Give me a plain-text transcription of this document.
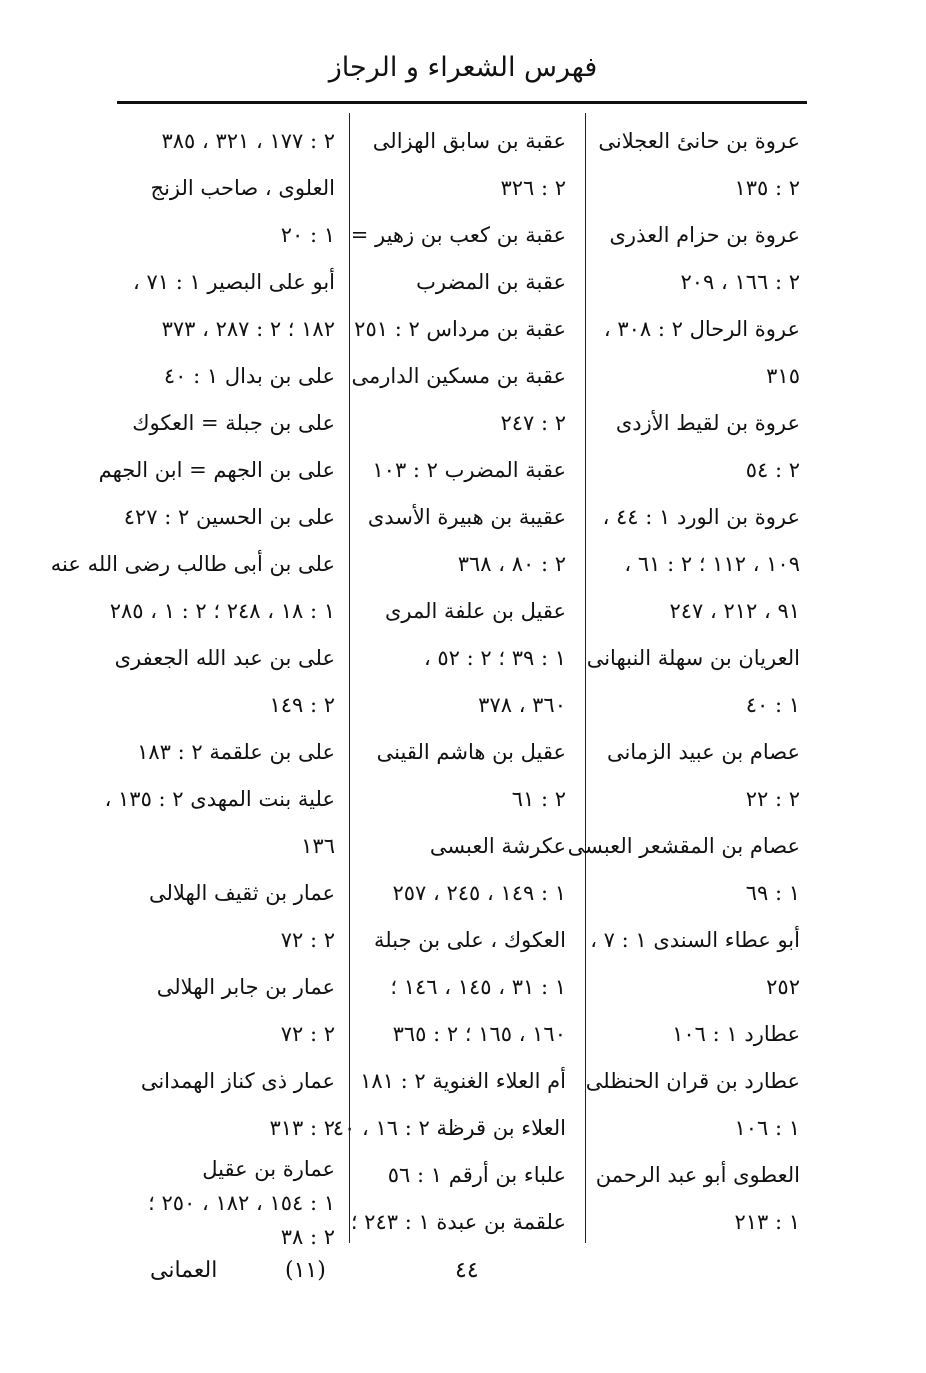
فهرس الشعراء و الرجاز
عروة بن حانئ العجلانى
٢ : ١٣٥
عروة بن حزام العذرى
٢ : ١٦٦ ، ٢٠٩
عروة الرحال ٢ : ٣٠٨ ،
٣١٥
عروة بن لقيط الأزدى
٢ : ٥٤
عروة بن الورد ١ : ٤٤ ،
١٠٩ ، ١١٢ ؛ ٢ : ٦١ ،
٩١ ، ٢١٢ ، ٢٤٧
العريان بن سهلة النبهانى
١ : ٤٠
عصام بن عبيد الزمانى
٢ : ٢٢
عصام بن المقشعر العبسى
١ : ٦٩
أبو عطاء السندى ١ : ٧ ،
٢٥٢
عطارد ١ : ١٠٦
عطارد بن قران الحنظلى
١ : ١٠٦
العطوى أبو عبد الرحمن
١ : ٢١٣
عقبة بن سابق الهزالى
٢ : ٣٢٦
عقبة بن كعب بن زهير =
عقبة بن المضرب
عقبة بن مرداس ٢ : ٢٥١
عقبة بن مسكين الدارمى
٢ : ٢٤٧
عقبة المضرب ٢ : ١٠٣
عقيبة بن هبيرة الأسدى
٢ : ٨٠ ، ٣٦٨
عقيل بن علفة المرى
١ : ٣٩ ؛ ٢ : ٥٢ ،
٣٦٠ ، ٣٧٨
عقيل بن هاشم القينى
٢ : ٦١
عكرشة العبسى
١ : ١٤٩ ، ٢٤٥ ، ٢٥٧
العكوك ، على بن جبلة
١ : ٣١ ، ١٤٥ ، ١٤٦ ؛
١٦٠ ، ١٦٥ ؛ ٢ : ٣٦٥
أم العلاء الغنوية ٢ : ١٨١
العلاء بن قرظة ٢ : ١٦ ، ٤٠
علباء بن أرقم ١ : ٥٦
علقمة بن عبدة ١ : ٢٤٣ ؛
٢ : ١٧٧ ، ٣٢١ ، ٣٨٥
العلوى ، صاحب الزنج
١ : ٢٠
أبو على البصير ١ : ٧١ ،
١٨٢ ؛ ٢ : ٢٨٧ ، ٣٧٣
على بن بدال ١ : ٤٠
على بن جبلة = العكوك
على بن الجهم = ابن الجهم
على بن الحسين ٢ : ٤٢٧
على بن أبى طالب رضى الله عنه
١ : ١٨ ، ٢٤٨ ؛ ٢ : ١ ، ٢٨٥
على بن عبد الله الجعفرى
٢ : ١٤٩
على بن علقمة ٢ : ١٨٣
علية بنت المهدى ٢ : ١٣٥ ،
١٣٦
عمار بن ثقيف الهلالى
٢ : ٧٢
عمار بن جابر الهلالى
٢ : ٧٢
عمار ذى كناز الهمدانى
٢ : ٣١٣
عمارة بن عقيل
١ : ١٥٤ ، ١٨٢ ، ٢٥٠ ؛
٢ : ٣٨
العمانى	(١١)	٤٤
